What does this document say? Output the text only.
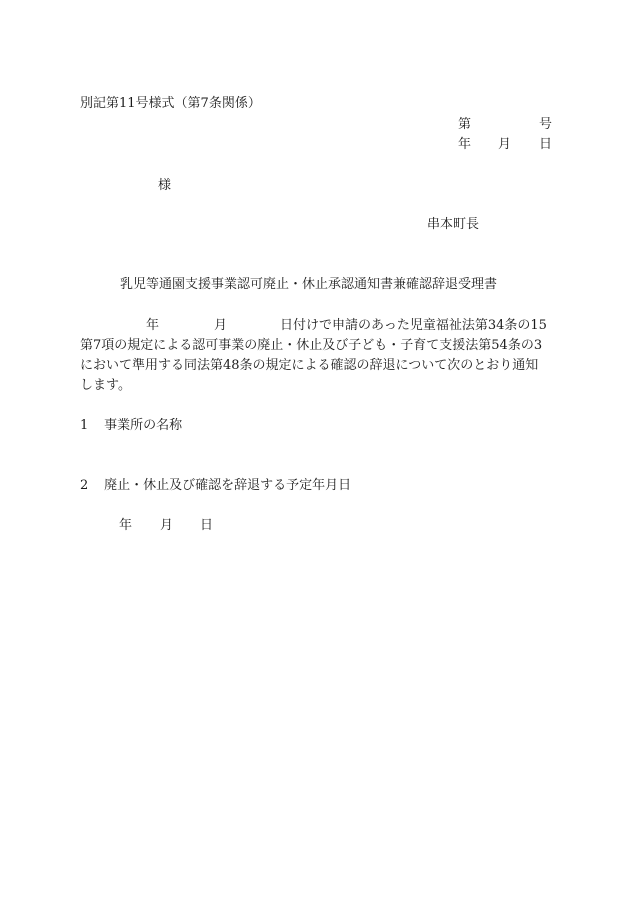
別記第11号様式（第7条関係）
第	号
年 月 日
様
串本町長
乳児等通園支援事業認可廃止・休止承認通知書兼確認辞退受理書
年	月	日付けで申請のあった児童福祉法第34条の15
第7項の規定による認可事業の廃止・休止及び子ども・子育て支援法第54条の3
において準用する同法第48条の規定による確認の辞退について次のとおり通知
します。
1 事業所の名称
2 廃止・休止及び確認を辞退する予定年月日
年 月 日
